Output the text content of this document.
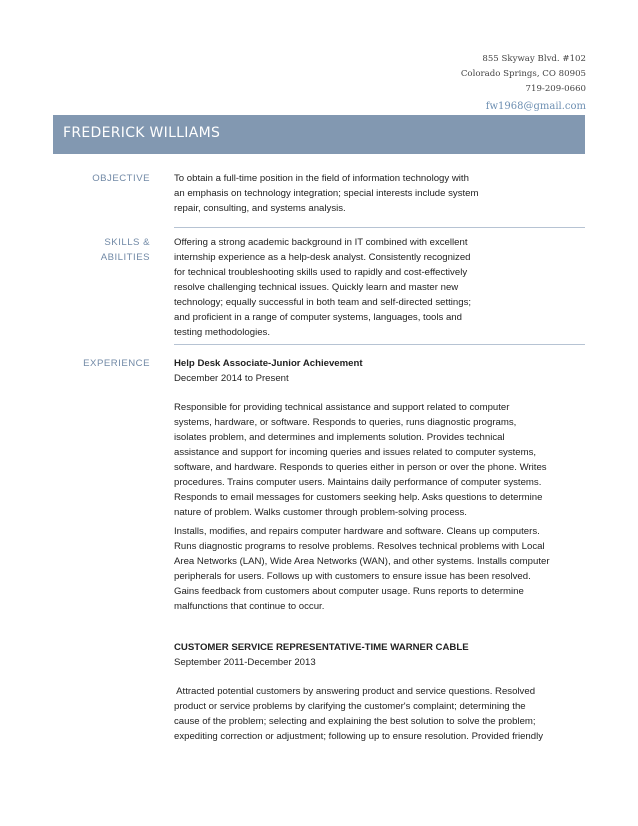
855 Skyway Blvd. #102
Colorado Springs, CO 80905
719-209-0660
fw1968@gmail.com
FREDERICK WILLIAMS
OBJECTIVE	To obtain a full-time position in the field of information technology with
an emphasis on technology integration; special interests include system
repair, consulting, and systems analysis.
SKILLS &
ABILITIES
Offering a strong academic background in IT combined with excellent
internship experience as a help-desk analyst. Consistently recognized
for technical troubleshooting skills used to rapidly and cost-effectively
resolve challenging technical issues. Quickly learn and master new
technology; equally successful in both team and self-directed settings;
and proficient in a range of computer systems, languages, tools and
testing methodologies.
EXPERIENCE	Help Desk Associate-Junior Achievement
December 2014 to Present
Responsible for providing technical assistance and support related to computer
systems, hardware, or software. Responds to queries, runs diagnostic programs,
isolates problem, and determines and implements solution. Provides technical
assistance and support for incoming queries and issues related to computer systems,
software, and hardware. Responds to queries either in person or over the phone. Writes
procedures. Trains computer users. Maintains daily performance of computer systems.
Responds to email messages for customers seeking help. Asks questions to determine
nature of problem. Walks customer through problem-solving process.
Installs, modifies, and repairs computer hardware and software. Cleans up computers.
Runs diagnostic programs to resolve problems. Resolves technical problems with Local
Area Networks (LAN), Wide Area Networks (WAN), and other systems. Installs computer
peripherals for users. Follows up with customers to ensure issue has been resolved.
Gains feedback from customers about computer usage. Runs reports to determine
malfunctions that continue to occur.
CUSTOMER SERVICE REPRESENTATIVE-TIME WARNER CABLE
September 2011-December 2013
Attracted potential customers by answering product and service questions. Resolved
product or service problems by clarifying the customer's complaint; determining the
cause of the problem; selecting and explaining the best solution to solve the problem;
expediting correction or adjustment; following up to ensure resolution. Provided friendly
